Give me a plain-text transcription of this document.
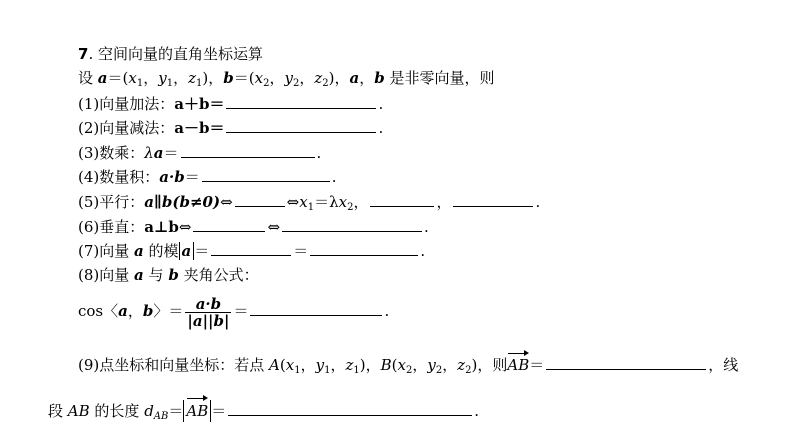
7. 空间向量的直角坐标运算
设 $a=(x_1$，$y_1$，$z_1$)，$b=(x_2$，$y_2$，$z_2$)，a，b 是非零向量，则
(1)向量加法：a＋b＝	.
(2)向量减法：a－b＝	.
(3)数乘：λa＝	.
(4)数量积：a·b＝	.
(5)平行：a∥b(b≠0)⇔	$\Leftrightarrow x_1=\lambda x_2$，	，	.
(6)垂直：a⊥b⇔	⇔	.
(7)向量 a 的模 a ＝	＝	.
(8)向量 a 与 b 夹角公式：
cos〈a，b〉＝ $\frac{a\cdot b}{|a||b|}$ ＝	.
(9)点坐标和向量坐标：若点 $A(x_1$，$y_1$，$z_1$)，$B(x_2$，$y_2$，$z_2$)，则AB＝	，线
段 AB 的长度 $d_{AB}=$ AB ＝	.
